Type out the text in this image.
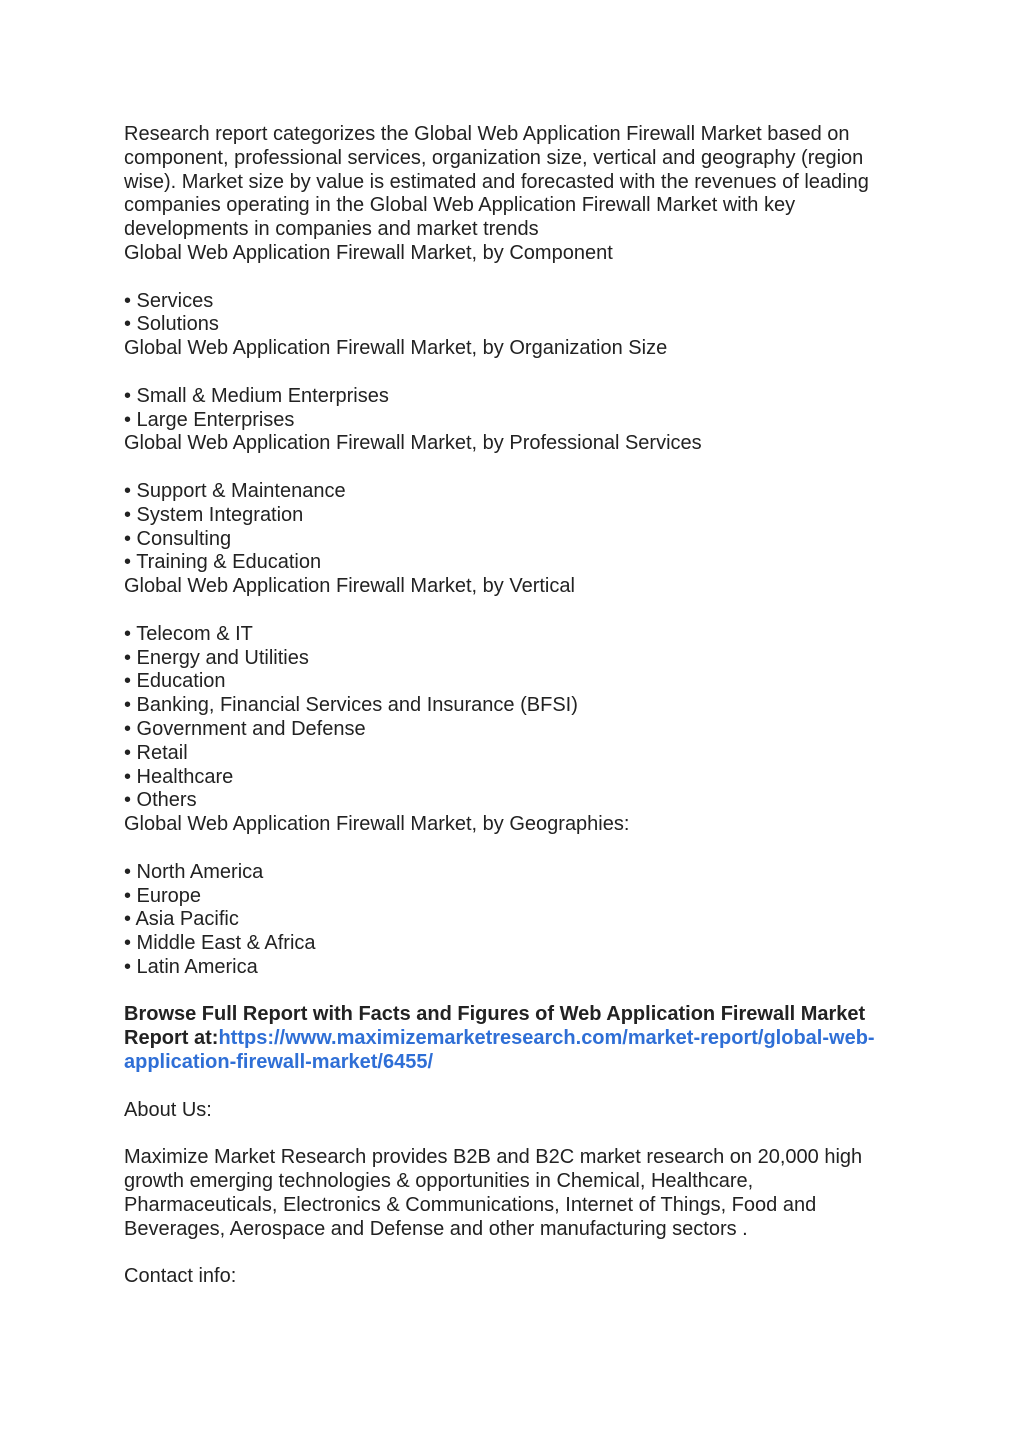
Research report categorizes the Global Web Application Firewall Market based on
component, professional services, organization size, vertical and geography (region
wise). Market size by value is estimated and forecasted with the revenues of leading
companies operating in the Global Web Application Firewall Market with key
developments in companies and market trends
Global Web Application Firewall Market, by Component
• Services
• Solutions
Global Web Application Firewall Market, by Organization Size
• Small & Medium Enterprises
• Large Enterprises
Global Web Application Firewall Market, by Professional Services
• Support & Maintenance
• System Integration
• Consulting
• Training & Education
Global Web Application Firewall Market, by Vertical
• Telecom & IT
• Energy and Utilities
• Education
• Banking, Financial Services and Insurance (BFSI)
• Government and Defense
• Retail
• Healthcare
• Others
Global Web Application Firewall Market, by Geographies:
• North America
• Europe
• Asia Pacific
• Middle East & Africa
• Latin America
Browse Full Report with Facts and Figures of Web Application Firewall Market
Report at:https://www.maximizemarketresearch.com/market-report/global-web-
application-firewall-market/6455/
About Us:
Maximize Market Research provides B2B and B2C market research on 20,000 high
growth emerging technologies & opportunities in Chemical, Healthcare,
Pharmaceuticals, Electronics & Communications, Internet of Things, Food and
Beverages, Aerospace and Defense and other manufacturing sectors .
Contact info:
